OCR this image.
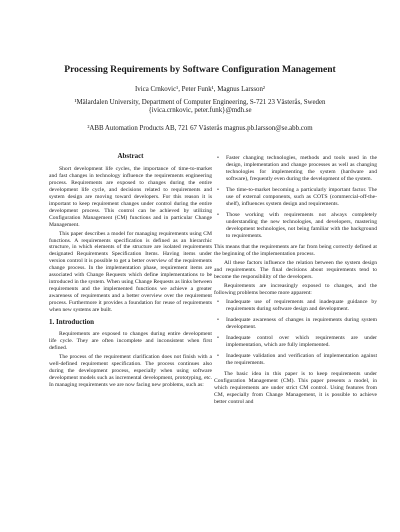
Processing Requirements by Software Configuration Management
Ivica Crnkovic¹, Peter Funk¹, Magnus Larsson²
¹Mälardalen University, Department of Computer Engineering, S-721 23 Västerås, Sweden
{ivica.crnkovic, peter.funk}@mdh.se
²ABB Automation Products AB, 721 67 Västerås magnus.pb.larsson@se.abb.com
Abstract

Short development life cycles, the importance of time-to-market and fast changes in technology influence the requirements engineering process. Requirements are exposed to changes during the entire development life cycle, and decisions related to requirements and system design are moving toward developers. For this reason it is important to keep requirement changes under control during the entire development process. This control can be achieved by utilizing Configuration Management (CM) functions and in particular Change Management.

This paper describes a model for managing requirements using CM functions. A requirements specification is defined as an hierarchic structure, in which elements of the structure are isolated requirements designated Requirements Specification Items. Having items under version control it is possible to get a better overview of the requirements change process. In the implementation phase, requirement items are associated with Change Requests which define implementations to be introduced in the system. When using Change Requests as links between requirements and the implemented functions we achieve a greater awareness of requirements and a better overview over the requirement process. Furthermore it provides a foundation for reuse of requirements when new systems are built.

1. Introduction

Requirements are exposed to changes during entire development life cycle. They are often incomplete and inconsistent when first defined.

The process of the requirement clarification does not finish with a well-defined requirement specification. The process continues also during the development process, especially when using software development models such as incremental development, prototyping, etc. In managing requirements we are now facing new problems, such as:

• Faster changing technologies, methods and tools used in the design, implementation and change processes as well as changing technologies for implementing the system (hardware and software), frequently even during the development of the system.
• The time-to-market becoming a particularly important factor. The use of external components, such as COTS (commercial-off-the-shelf), influences system design and requirements.
• Those working with requirements not always completely understanding the new technologies, and developers, mastering development technologies, not being familiar with the background to requirements.

This means that the requirements are far from being correctly defined at the beginning of the implementation process.

All these factors influence the relation between the system design and requirements. The final decisions about requirements tend to become the responsibility of the developers.

Requirements are increasingly exposed to changes, and the following problems become more apparent:

• Inadequate use of requirements and inadequate guidance by requirements during software design and development.
• Inadequate awareness of changes in requirements during system development.
• Inadequate control over which requirements are under implementation, which are fully implemented.
• Inadequate validation and verification of implementation against the requirements.

The basic idea in this paper is to keep requirements under Configuration Management (CM). This paper presents a model, in which requirements are under strict CM control. Using features from CM, especially from Change Management, it is possible to achieve better control and
